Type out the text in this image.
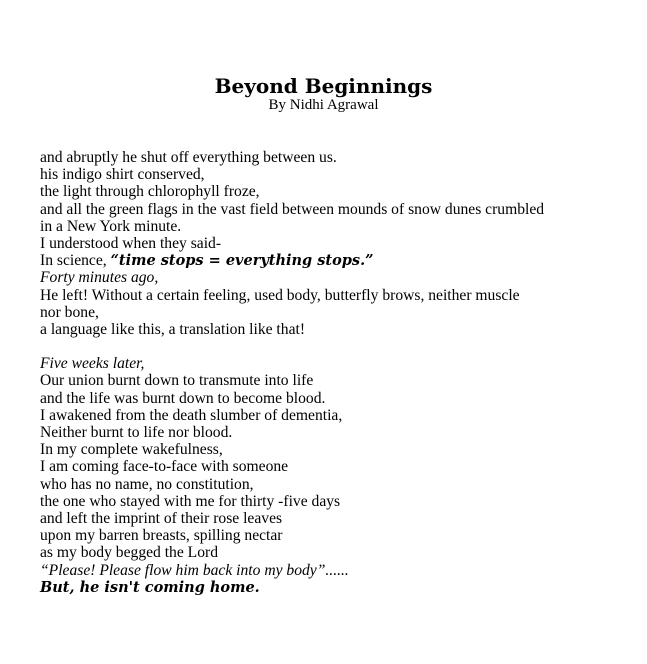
Beyond Beginnings

By Nidhi Agrawal

and abruptly he shut off everything between us.
his indigo shirt conserved,
the light through chlorophyll froze,
and all the green flags in the vast field between mounds of snow dunes crumbled
in a New York minute.
I understood when they said-
In science, “time stops = everything stops.”
Forty minutes ago,
He left! Without a certain feeling, used body, butterfly brows, neither muscle
nor bone,
a language like this, a translation like that!
Five weeks later,
Our union burnt down to transmute into life
and the life was burnt down to become blood.
I awakened from the death slumber of dementia,
Neither burnt to life nor blood.
In my complete wakefulness,
I am coming face-to-face with someone
who has no name, no constitution,
the one who stayed with me for thirty -five days
and left the imprint of their rose leaves
upon my barren breasts, spilling nectar
as my body begged the Lord
“Please! Please flow him back into my body”......
But, he isn't coming home.
